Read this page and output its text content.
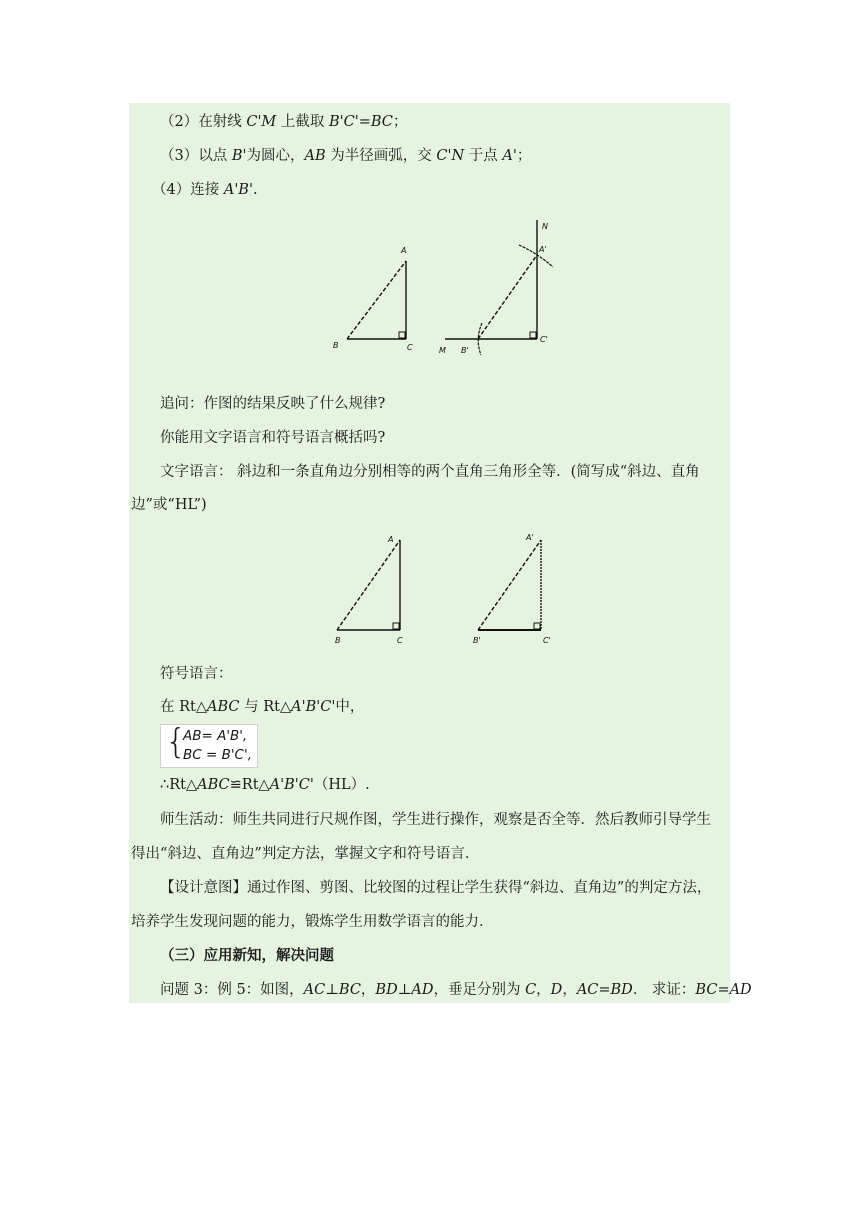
（2）在射线 C'M 上截取 B'C'=BC；
（3）以点 B'为圆心，AB 为半径画弧，交 C'N 于点 A'；
（4）连接 A'B'.
A
B	C
N
A'
C'
M B'
追问：作图的结果反映了什么规律?
你能用文字语言和符号语言概括吗?
文字语言： 斜边和一条直角边分别相等的两个直角三角形全等．(简写成“斜边、直角
边”或“HL”)
A
B	C
A'
B'	C'
符号语言：
在 Rt△ABC 与 Rt△A'B'C'中，
{
AB= A'B',
BC = B'C',
∴Rt△ABC≌Rt△A'B'C'（HL）.
师生活动：师生共同进行尺规作图，学生进行操作，观察是否全等．然后教师引导学生
得出“斜边、直角边”判定方法，掌握文字和符号语言．
【设计意图】通过作图、剪图、比较图的过程让学生获得“斜边、直角边”的判定方法，
培养学生发现问题的能力，锻炼学生用数学语言的能力．
（三）应用新知，解决问题
问题 3：例 5：如图，AC⊥BC，BD⊥AD，垂足分别为 C，D，AC=BD． 求证：BC=AD
